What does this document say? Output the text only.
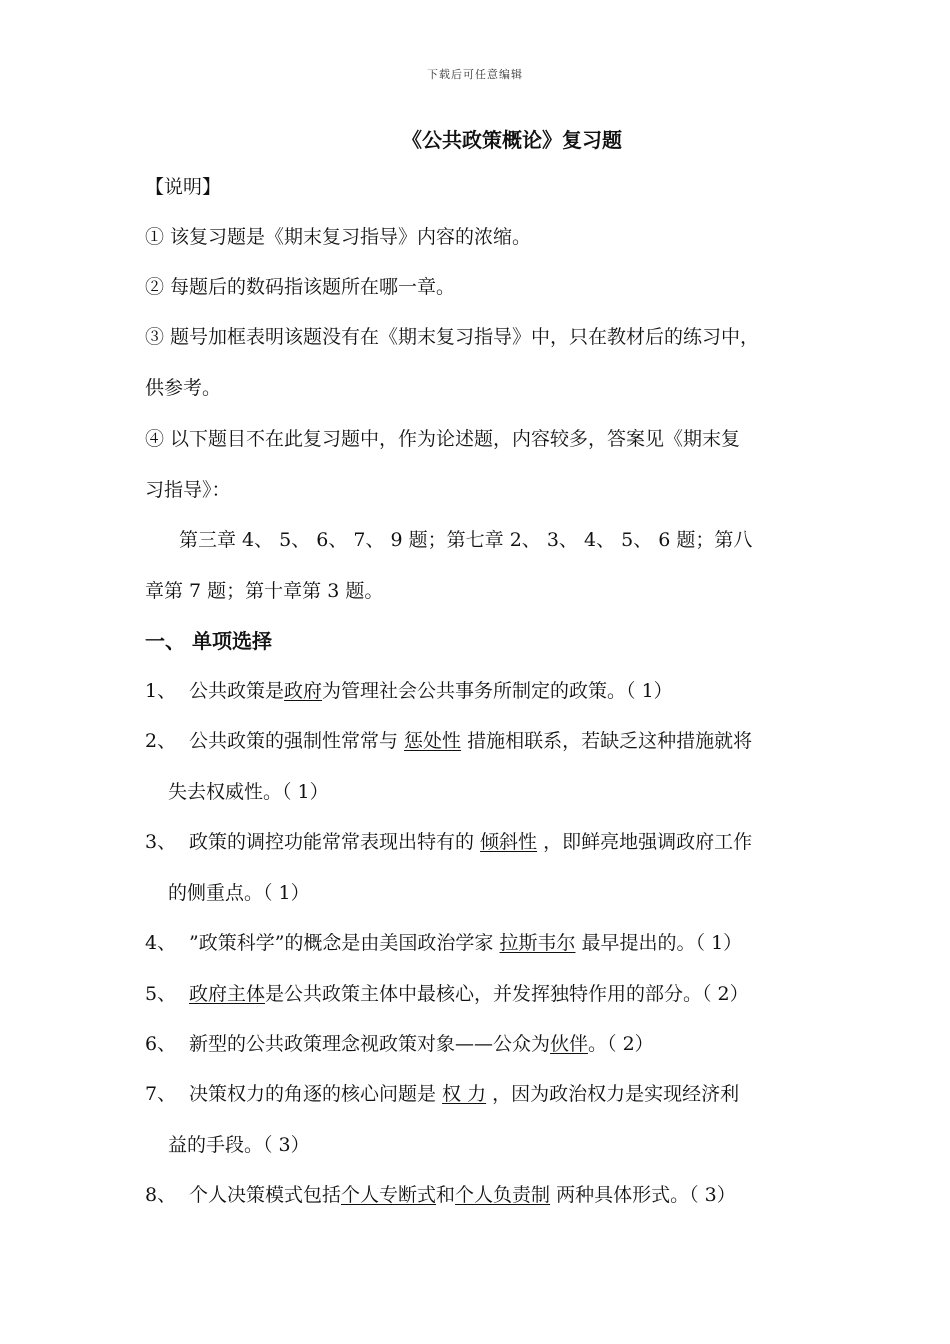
下载后可任意编辑
《公共政策概论》复习题
【说明】
① 该复习题是《期末复习指导》内容的浓缩。
② 每题后的数码指该题所在哪一章。
③ 题号加框表明该题没有在《期末复习指导》中，只在教材后的练习中，
供参考。
④ 以下题目不在此复习题中，作为论述题，内容较多，答案见《期末复
习指导》：
第三章 4、 5、 6、 7、 9 题；第七章 2、 3、 4、 5、 6 题；第八
章第 7 题；第十章第 3 题。
一、 单项选择
1、 公共政策是政府为管理社会公共事务所制定的政策。（ 1）
2、 公共政策的强制性常常与 惩处性 措施相联系，若缺乏这种措施就将
失去权威性。（ 1）
3、 政策的调控功能常常表现出特有的 倾斜性 ，即鲜亮地强调政府工作
的侧重点。（ 1）
4、 ”政策科学”的概念是由美国政治学家 拉斯韦尔 最早提出的。（ 1）
5、 政府主体是公共政策主体中最核心，并发挥独特作用的部分。（ 2）
6、 新型的公共政策理念视政策对象——公众为伙伴。（ 2）
7、 决策权力的角逐的核心问题是 权 力 ，因为政治权力是实现经济利
益的手段。（ 3）
8、 个人决策模式包括个人专断式和个人负责制 两种具体形式。（ 3）
